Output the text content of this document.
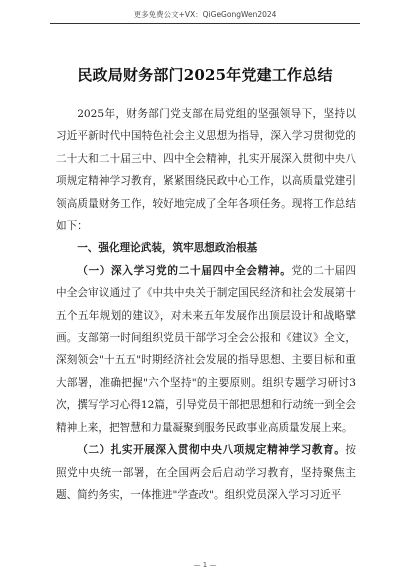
更多免费公文+VX：QiGeGongWen2024
民政局财务部门2025年党建工作总结

2025年，财务部门党支部在局党组的坚强领导下，坚持以习近平新时代中国特色社会主义思想为指导，深入学习贯彻党的二十大和二十届三中、四中全会精神，扎实开展深入贯彻中央八项规定精神学习教育，紧紧围绕民政中心工作，以高质量党建引领高质量财务工作，较好地完成了全年各项任务。现将工作总结如下：

一、强化理论武装，筑牢思想政治根基

（一）深入学习党的二十届四中全会精神。党的二十届四中全会审议通过了《中共中央关于制定国民经济和社会发展第十五个五年规划的建议》，对未来五年发展作出顶层设计和战略擘画。支部第一时间组织党员干部学习全会公报和《建议》全文，深刻领会"十五五"时期经济社会发展的指导思想、主要目标和重大部署，准确把握"六个坚持"的主要原则。组织专题学习研讨3次，撰写学习心得12篇，引导党员干部把思想和行动统一到全会精神上来，把智慧和力量凝聚到服务民政事业高质量发展上来。

（二）扎实开展深入贯彻中央八项规定精神学习教育。按照党中央统一部署，在全国两会后启动学习教育，坚持聚焦主题、简约务实，一体推进"学查改"。组织党员深入学习习近平

— 1 —
